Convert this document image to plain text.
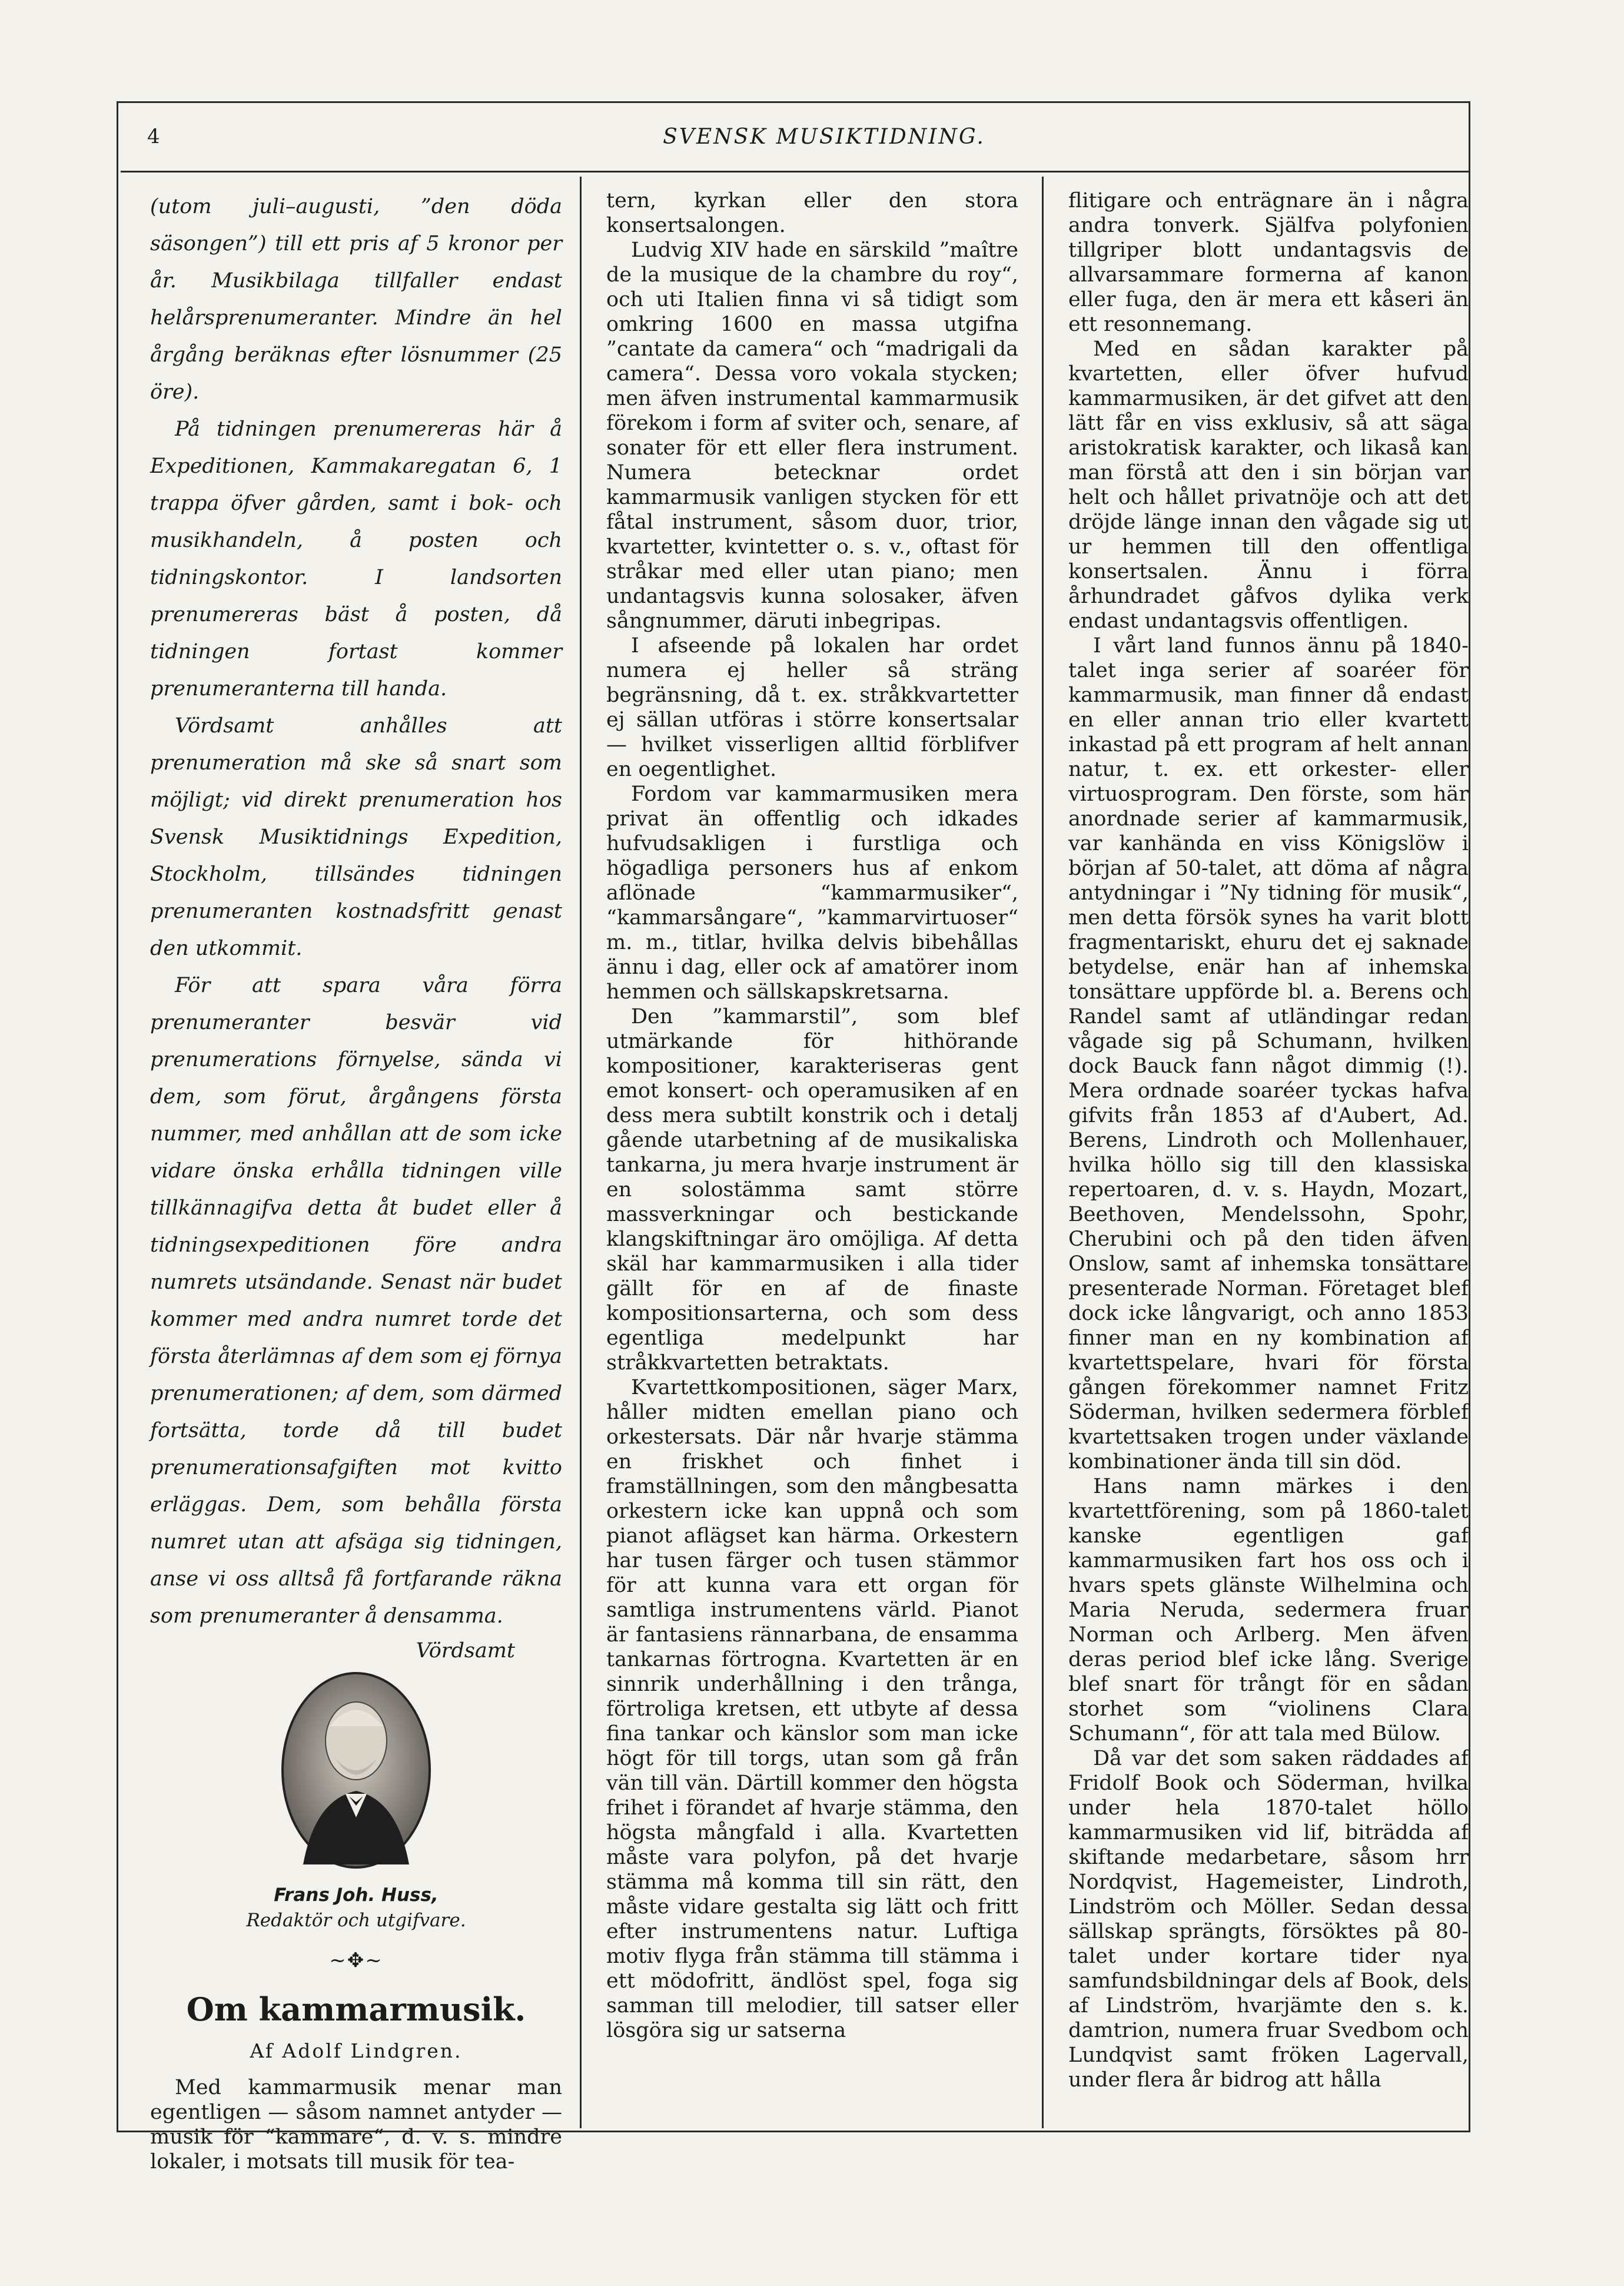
4	SVENSK MUSIKTIDNING.

(utom juli–augusti, ”den döda säsongen”) till ett pris af 5 kronor per år. Musikbilaga tillfaller endast helårsprenumeranter. Mindre än hel årgång beräknas efter lösnummer (25 öre).

På tidningen prenumereras här å Expeditionen, Kammakaregatan 6, 1 trappa öfver gården, samt i bok- och musikhandeln, å posten och tidningskontor. I landsorten prenumereras bäst å posten, då tidningen fortast kommer prenumeranterna till handa.

Vördsamt anhålles att prenumeration må ske så snart som möjligt; vid direkt prenumeration hos Svensk Musiktidnings Expedition, Stockholm, tillsändes tidningen prenumeranten kostnadsfritt genast den utkommit.

För att spara våra förra prenumeranter besvär vid prenumerations förnyelse, sända vi dem, som förut, årgångens första nummer, med anhållan att de som icke vidare önska erhålla tidningen ville tillkännagifva detta åt budet eller å tidningsexpeditionen före andra numrets utsändande. Senast när budet kommer med andra numret torde det första återlämnas af dem som ej förnya prenumerationen; af dem, som därmed fortsätta, torde då till budet prenumerationsafgiften mot kvitto erläggas. Dem, som behålla första numret utan att afsäga sig tidningen, anse vi oss alltså få fortfarande räkna som prenumeranter å densamma.

Vördsamt
Frans Joh. Huss,
Redaktör och utgifvare.
~✥~
Om kammarmusik.
Af Adolf Lindgren.

Med kammarmusik menar man egentligen — såsom namnet antyder — musik för “kammare“, d. v. s. mindre lokaler, i motsats till musik för tea-

tern, kyrkan eller den stora konsertsalongen.

Ludvig XIV hade en särskild ”maître de la musique de la chambre du roy“, och uti Italien finna vi så tidigt som omkring 1600 en massa utgifna ”cantate da camera“ och “madrigali da camera“. Dessa voro vokala stycken; men äfven instrumental kammarmusik förekom i form af sviter och, senare, af sonater för ett eller flera instrument. Numera betecknar ordet kammarmusik vanligen stycken för ett fåtal instrument, såsom duor, trior, kvartetter, kvintetter o. s. v., oftast för stråkar med eller utan piano; men undantagsvis kunna solosaker, äfven sångnummer, däruti inbegripas.

I afseende på lokalen har ordet numera ej heller så sträng begränsning, då t. ex. stråkkvartetter ej sällan utföras i större konsertsalar — hvilket visserligen alltid förblifver en oegentlighet.

Fordom var kammarmusiken mera privat än offentlig och idkades hufvudsakligen i furstliga och högadliga personers hus af enkom aflönade “kammarmusiker“, “kammarsångare“, ”kammarvirtuoser“ m. m., titlar, hvilka delvis bibehållas ännu i dag, eller ock af amatörer inom hemmen och sällskapskretsarna.

Den ”kammarstil”, som blef utmärkande för hithörande kompositioner, karakteriseras gent emot konsert- och operamusiken af en dess mera subtilt konstrik och i detalj gående utarbetning af de musikaliska tankarna, ju mera hvarje instrument är en solostämma samt större massverkningar och bestickande klangskiftningar äro omöjliga. Af detta skäl har kammarmusiken i alla tider gällt för en af de finaste kompositionsarterna, och som dess egentliga medelpunkt har stråkkvartetten betraktats.

Kvartettkompositionen, säger Marx, håller midten emellan piano och orkestersats. Där når hvarje stämma en friskhet och finhet i framställningen, som den mångbesatta orkestern icke kan uppnå och som pianot aflägset kan härma. Orkestern har tusen färger och tusen stämmor för att kunna vara ett organ för samtliga instrumentens värld. Pianot är fantasiens rännarbana, de ensamma tankarnas förtrogna. Kvartetten är en sinnrik underhållning i den trånga, förtroliga kretsen, ett utbyte af dessa fina tankar och känslor som man icke högt för till torgs, utan som gå från vän till vän. Därtill kommer den högsta frihet i förandet af hvarje stämma, den högsta mångfald i alla. Kvartetten måste vara polyfon, på det hvarje stämma må komma till sin rätt, den måste vidare gestalta sig lätt och fritt efter instrumentens natur. Luftiga motiv flyga från stämma till stämma i ett mödofritt, ändlöst spel, foga sig samman till melodier, till satser eller lösgöra sig ur satserna

flitigare och enträgnare än i några andra tonverk. Själfva polyfonien tillgriper blott undantagsvis de allvarsammare formerna af kanon eller fuga, den är mera ett kåseri än ett resonnemang.

Med en sådan karakter på kvartetten, eller öfver hufvud kammarmusiken, är det gifvet att den lätt får en viss exklusiv, så att säga aristokratisk karakter, och likaså kan man förstå att den i sin början var helt och hållet privatnöje och att det dröjde länge innan den vågade sig ut ur hemmen till den offentliga konsertsalen. Ännu i förra århundradet gåfvos dylika verk endast undantagsvis offentligen.

I vårt land funnos ännu på 1840-talet inga serier af soaréer för kammarmusik, man finner då endast en eller annan trio eller kvartett inkastad på ett program af helt annan natur, t. ex. ett orkester- eller virtuosprogram. Den förste, som här anordnade serier af kammarmusik, var kanhända en viss Königslöw i början af 50-talet, att döma af några antydningar i ”Ny tidning för musik“, men detta försök synes ha varit blott fragmentariskt, ehuru det ej saknade betydelse, enär han af inhemska tonsättare uppförde bl. a. Berens och Randel samt af utländingar redan vågade sig på Schumann, hvilken dock Bauck fann något dimmig (!). Mera ordnade soaréer tyckas hafva gifvits från 1853 af d'Aubert, Ad. Berens, Lindroth och Mollenhauer, hvilka höllo sig till den klassiska repertoaren, d. v. s. Haydn, Mozart, Beethoven, Mendelssohn, Spohr, Cherubini och på den tiden äfven Onslow, samt af inhemska tonsättare presenterade Norman. Företaget blef dock icke långvarigt, och anno 1853 finner man en ny kombination af kvartettspelare, hvari för första gången förekommer namnet Fritz Söderman, hvilken sedermera förblef kvartettsaken trogen under växlande kombinationer ända till sin död.

Hans namn märkes i den kvartettförening, som på 1860-talet kanske egentligen gaf kammarmusiken fart hos oss och i hvars spets glänste Wilhelmina och Maria Neruda, sedermera fruar Norman och Arlberg. Men äfven deras period blef icke lång. Sverige blef snart för trångt för en sådan storhet som “violinens Clara Schumann“, för att tala med Bülow.

Då var det som saken räddades af Fridolf Book och Söderman, hvilka under hela 1870-talet höllo kammarmusiken vid lif, biträdda af skiftande medarbetare, såsom hrr Nordqvist, Hagemeister, Lindroth, Lindström och Möller. Sedan dessa sällskap sprängts, försöktes på 80-talet under kortare tider nya samfundsbildningar dels af Book, dels af Lindström, hvarjämte den s. k. damtrion, numera fruar Svedbom och Lundqvist samt fröken Lagervall, under flera år bidrog att hålla
